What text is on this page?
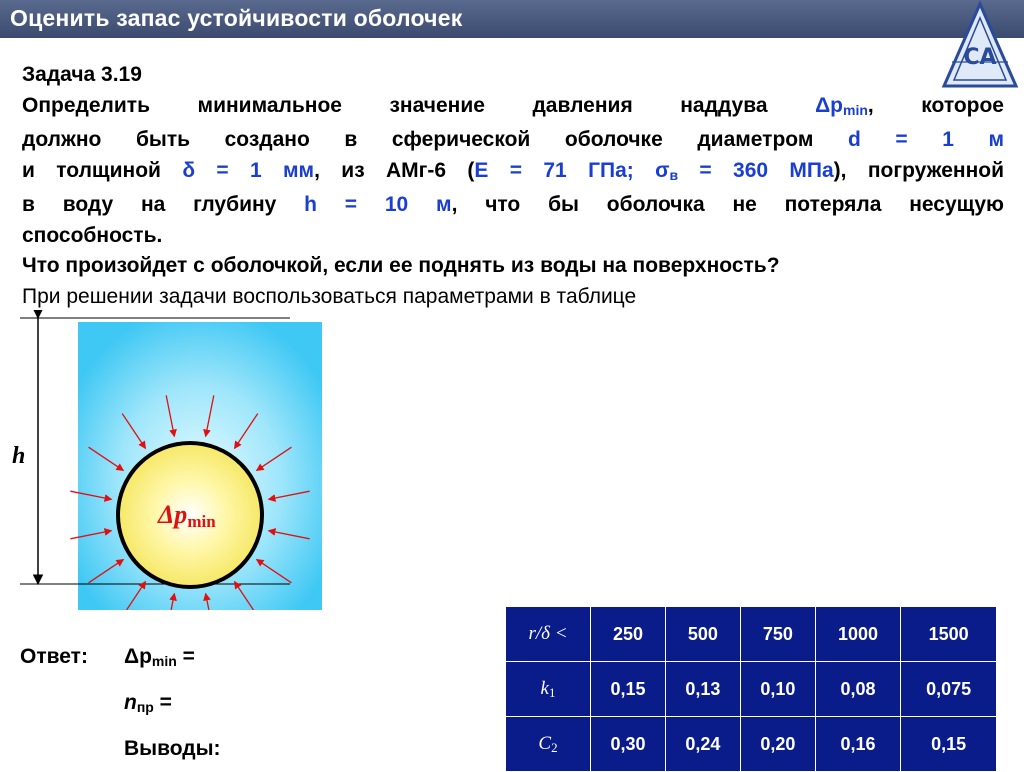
Оценить запас устойчивости оболочек
СА

Задача 3.19

Определить минимальное значение давления наддува $\Delta p_{min}$, которое

должно быть создано в сферической оболочке диаметром d = 1 м

и толщиной δ = 1 мм, из АМг-6 (E = 71 ГПа; $\sigma_в = 360$ МПа), погруженной

в воду на глубину h = 10 м, что бы оболочка не потеряла несущую

способность.

Что произойдет с оболочкой, если ее поднять из воды на поверхность?

При решении задачи воспользоваться параметрами в таблице

h
Δpmin
Ответ: Δpmin =
nпр =
Выводы:
r/δ <	250	500	750	1000	1500
k1	0,15	0,13	0,10	0,08	0,075
C2	0,30	0,24	0,20	0,16	0,15
